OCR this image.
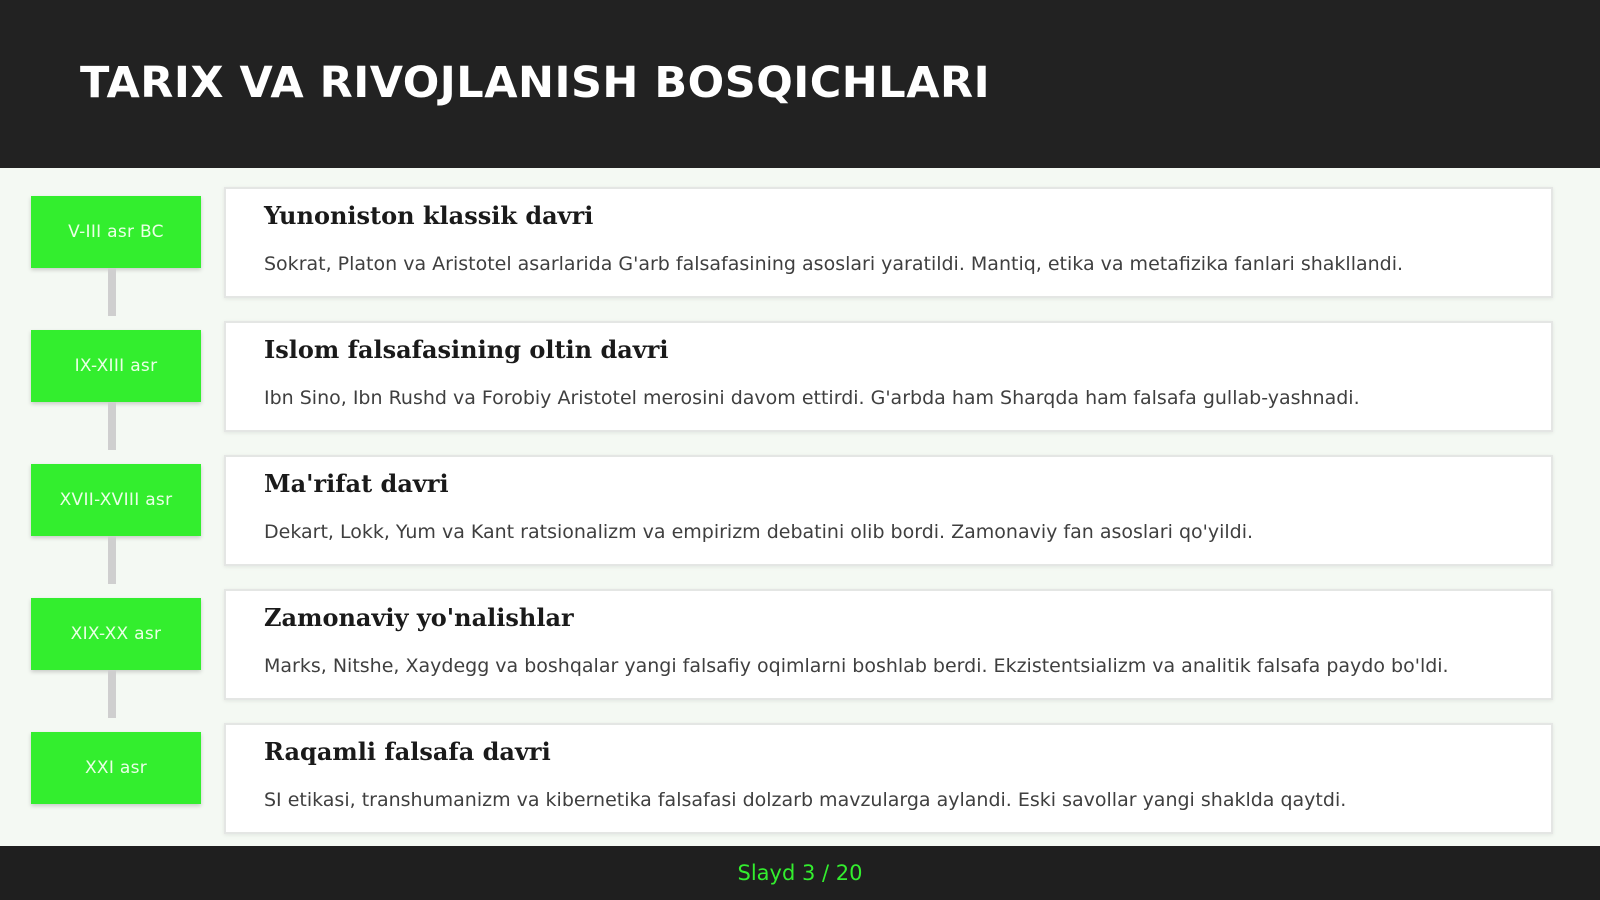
TARIX VA RIVOJLANISH BOSQICHLARI
V-III asr BC
Yunoniston klassik davri
Sokrat, Platon va Aristotel asarlarida G'arb falsafasining asoslari yaratildi. Mantiq, etika va metafizika fanlari shakllandi.
IX-XIII asr
Islom falsafasining oltin davri
Ibn Sino, Ibn Rushd va Forobiy Aristotel merosini davom ettirdi. G'arbda ham Sharqda ham falsafa gullab-yashnadi.
XVII-XVIII asr
Ma'rifat davri
Dekart, Lokk, Yum va Kant ratsionalizm va empirizm debatini olib bordi. Zamonaviy fan asoslari qo'yildi.
XIX-XX asr
Zamonaviy yo'nalishlar
Marks, Nitshe, Xaydegg va boshqalar yangi falsafiy oqimlarni boshlab berdi. Ekzistentsializm va analitik falsafa paydo bo'ldi.
XXI asr
Raqamli falsafa davri
SI etikasi, transhumanizm va kibernetika falsafasi dolzarb mavzularga aylandi. Eski savollar yangi shaklda qaytdi.
Slayd 3 / 20
